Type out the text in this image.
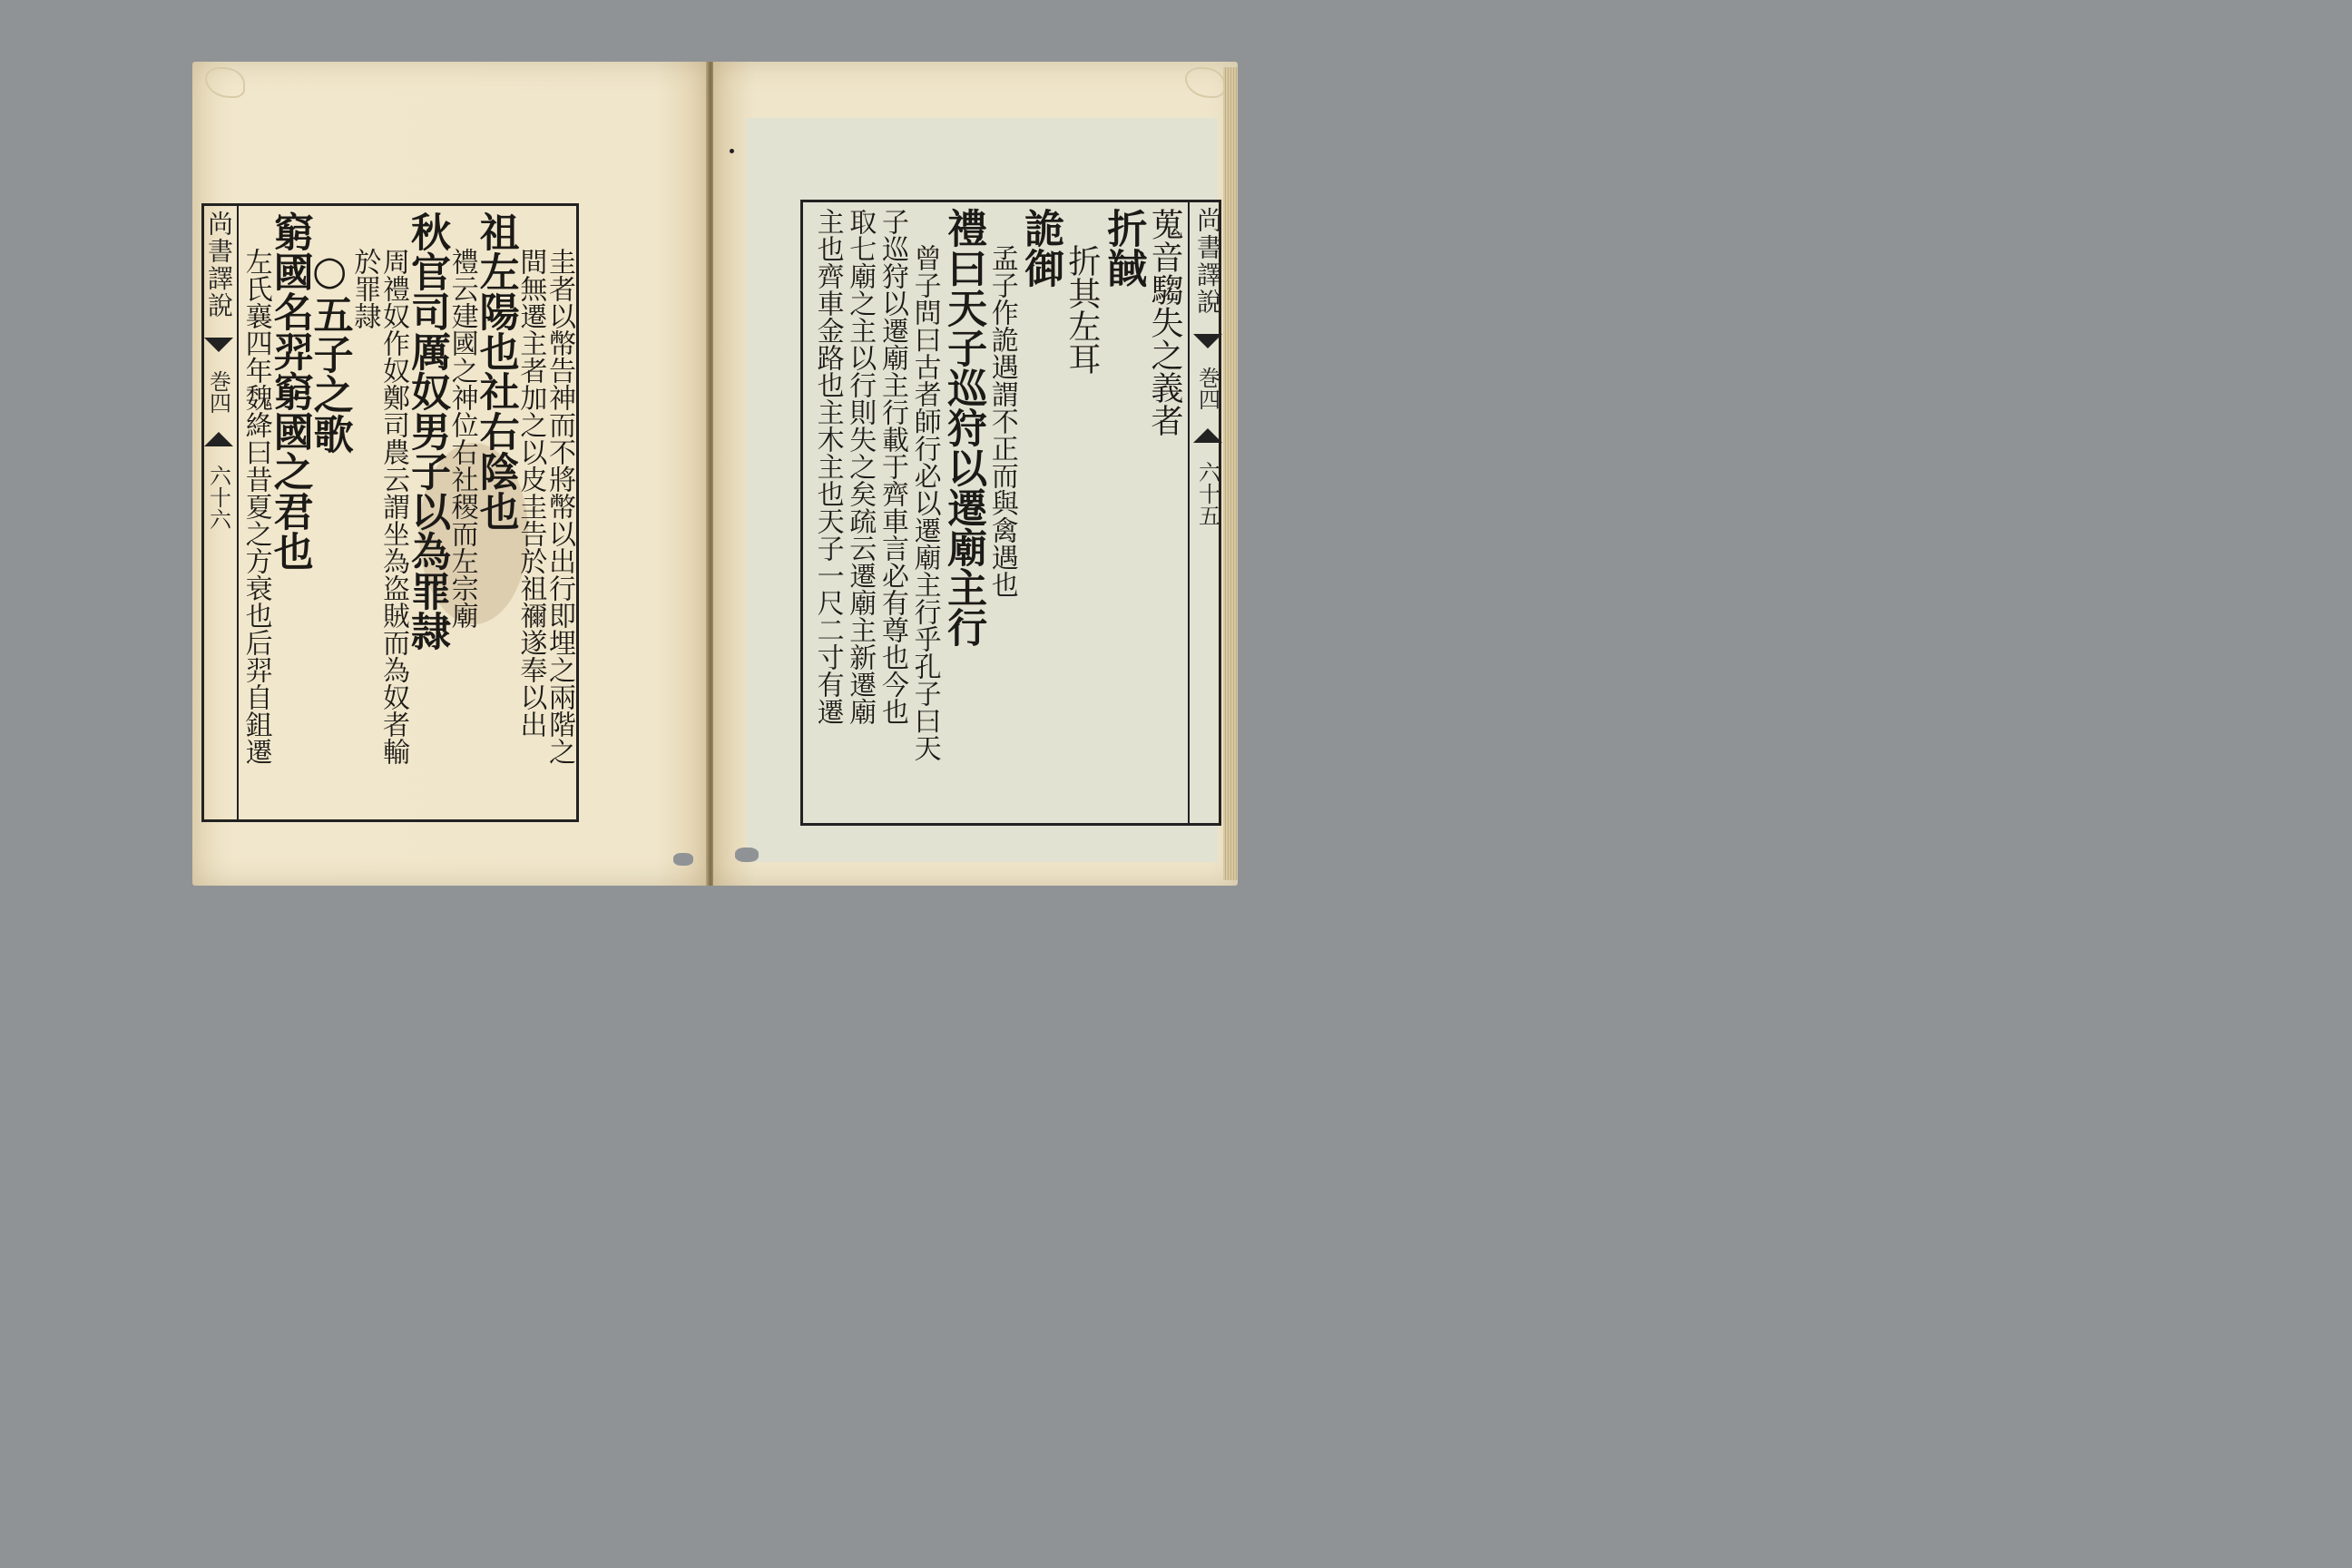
圭者以幣告神而不將幣以出行即埋之兩階之
間無遷主者加之以皮圭告於祖禰遂奉以出
祖左陽也社右陰也
禮云建國之神位右社稷而左宗廟
秋官司厲奴男子以為罪隷
周禮奴作奴鄭司農云謂坐為盗賊而為奴者輸
於罪隷
○五子之歌
窮國名羿窮國之君也
左氏襄四年魏絳曰昔夏之方衰也后羿自鉏遷
尚書譯說
巻四
六十六
蒐音騶失之義者
折馘
折其左耳
詭御
孟子作詭遇謂不正而與禽遇也
禮曰天子巡狩以遷廟主行
曾子問曰古者師行必以遷廟主行乎孔子曰天
子巡狩以遷廟主行載于齊車言必有尊也今也
取七廟之主以行則失之矣疏云遷廟主新遷廟
主也齊車金路也主木主也天子一尺二寸有遷	尚書譯說
巻四
六十五
